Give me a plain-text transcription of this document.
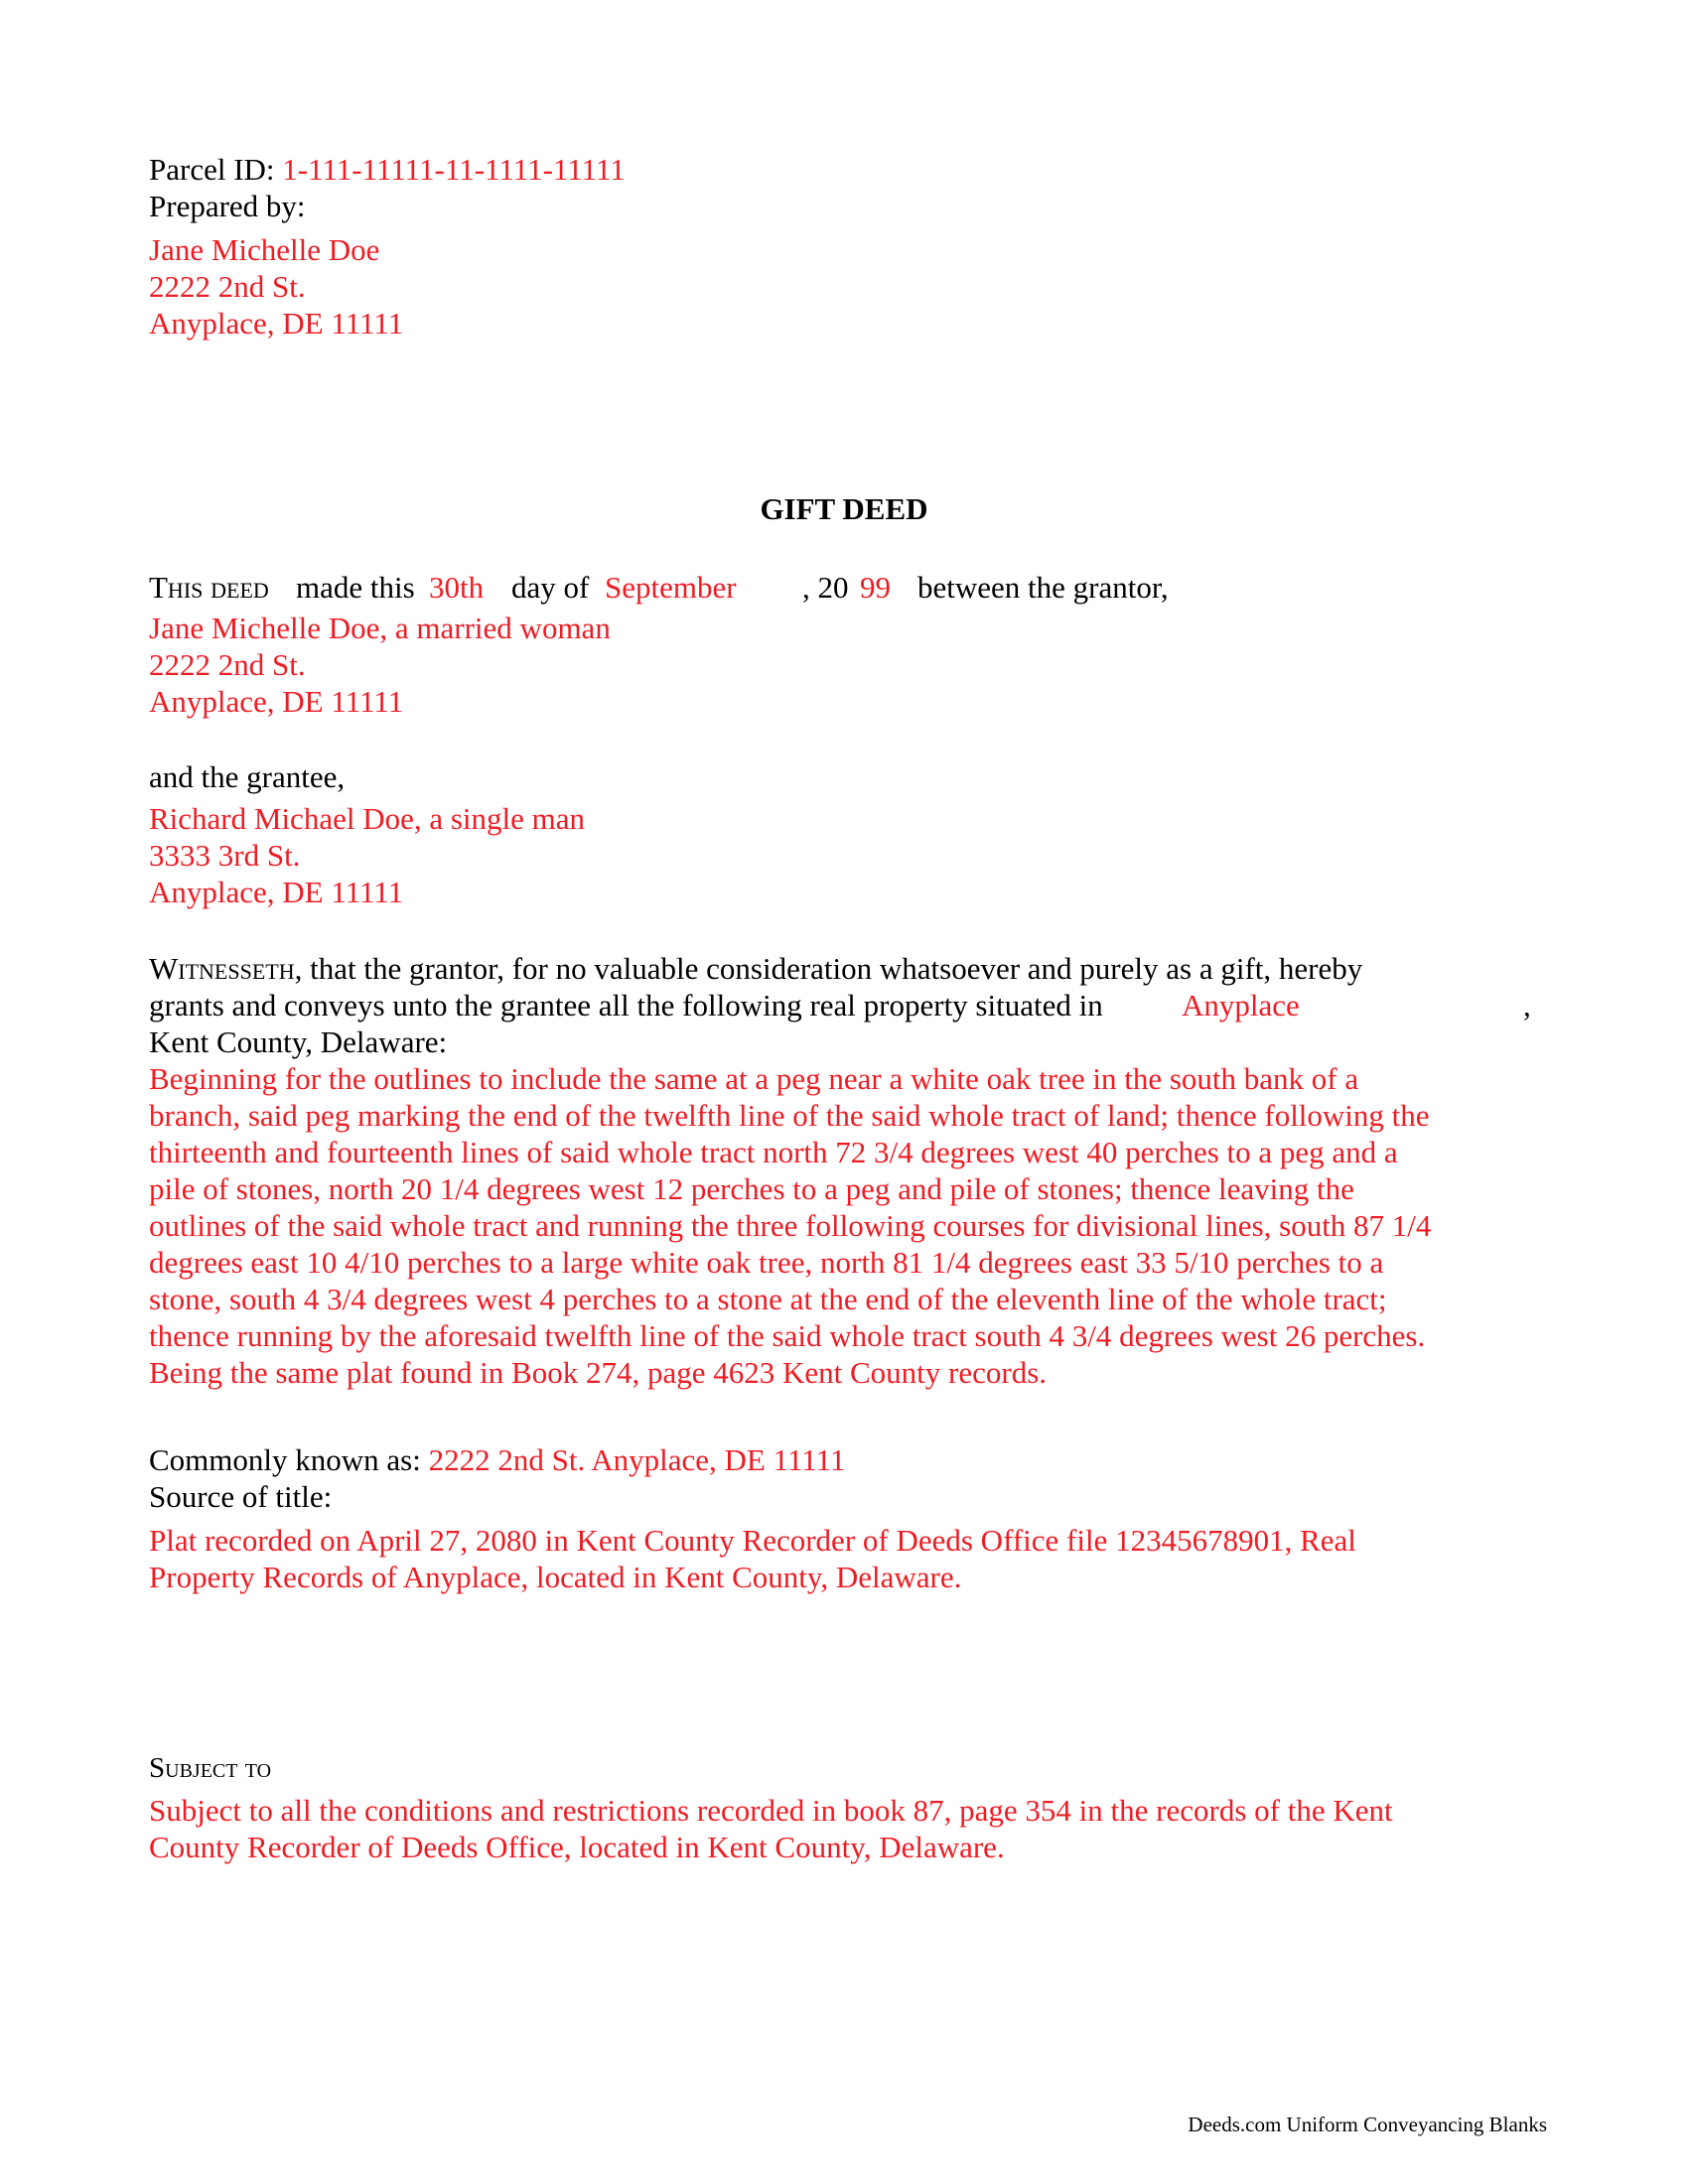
Parcel ID: 1-111-11111-11-1111-11111
Prepared by:
Jane Michelle Doe
2222 2nd St.
Anyplace, DE 11111
GIFT DEED
This deed made this 30th day of September , 20 99 between the grantor,
Jane Michelle Doe, a married woman
2222 2nd St.
Anyplace, DE 11111
and the grantee,
Richard Michael Doe, a single man
3333 3rd St.
Anyplace, DE 11111
Witnesseth, that the grantor, for no valuable consideration whatsoever and purely as a gift, hereby
grants and conveys unto the grantee all the following real property situated in	Anyplace	,
Kent County, Delaware:
Beginning for the outlines to include the same at a peg near a white oak tree in the south bank of a
branch, said peg marking the end of the twelfth line of the said whole tract of land; thence following the
thirteenth and fourteenth lines of said whole tract north 72 3/4 degrees west 40 perches to a peg and a
pile of stones, north 20 1/4 degrees west 12 perches to a peg and pile of stones; thence leaving the
outlines of the said whole tract and running the three following courses for divisional lines, south 87 1/4
degrees east 10 4/10 perches to a large white oak tree, north 81 1/4 degrees east 33 5/10 perches to a
stone, south 4 3/4 degrees west 4 perches to a stone at the end of the eleventh line of the whole tract;
thence running by the aforesaid twelfth line of the said whole tract south 4 3/4 degrees west 26 perches.
Being the same plat found in Book 274, page 4623 Kent County records.
Commonly known as: 2222 2nd St. Anyplace, DE 11111
Source of title:
Plat recorded on April 27, 2080 in Kent County Recorder of Deeds Office file 12345678901, Real
Property Records of Anyplace, located in Kent County, Delaware.
Subject to
Subject to all the conditions and restrictions recorded in book 87, page 354 in the records of the Kent
County Recorder of Deeds Office, located in Kent County, Delaware.
Deeds.com Uniform Conveyancing Blanks
